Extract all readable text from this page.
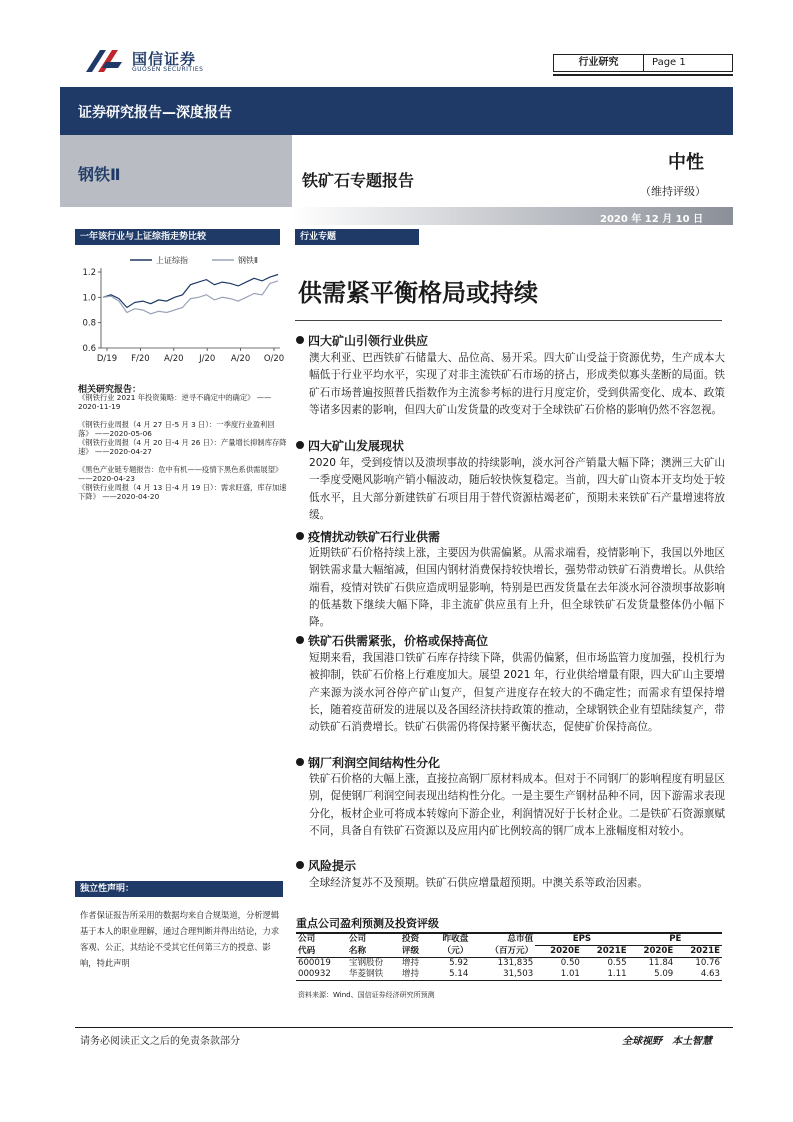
国信证券
GUOSEN SECURITIES
行业研究	Page 1
证券研究报告—深度报告
钢铁Ⅱ	铁矿石专题报告
中性
（维持评级）
2020 年 12 月 10 日
一年该行业与上证综指走势比较
0.6
0.8
1.0
1.2
D/19 F/20 A/20 J/20 A/20 O/20
上证综指	钢铁Ⅱ
相关研究报告：
《钢铁行业 2021 年投资策略：逆寻不确定中的确定》 ——2020-11-19
《钢铁行业周报（4 月 27 日-5 月 3 日）：一季度行业盈利回落》 ——2020-05-06
《钢铁行业周报（4 月 20 日-4 月 26 日）：产量增长抑制库存降速》 ——2020-04-27
《黑色产业链专题报告：危中有机——疫情下黑色系供需展望》 ——2020-04-23
《钢铁行业周报（4 月 13 日-4 月 19 日）：需求旺盛，库存加速下降》 ——2020-04-20
独立性声明：
作者保证报告所采用的数据均来自合规渠道，分析逻辑基于本人的职业理解，通过合理判断并得出结论，力求客观、公正，其结论不受其它任何第三方的授意、影响，特此声明
行业专题
供需紧平衡格局或持续
四大矿山引领行业供应
澳大利亚、巴西铁矿石储量大、品位高、易开采。四大矿山受益于资源优势，生产成本大幅低于行业平均水平，实现了对非主流铁矿石市场的挤占，形成类似寡头垄断的局面。铁矿石市场普遍按照普氏指数作为主流参考标的进行月度定价，受到供需变化、成本、政策等诸多因素的影响，但四大矿山发货量的改变对于全球铁矿石价格的影响仍然不容忽视。
四大矿山发展现状
2020 年，受到疫情以及溃坝事故的持续影响，淡水河谷产销量大幅下降；澳洲三大矿山一季度受飓风影响产销小幅波动，随后较快恢复稳定。当前，四大矿山资本开支均处于较低水平，且大部分新建铁矿石项目用于替代资源枯竭老矿，预期未来铁矿石产量增速将放缓。
疫情扰动铁矿石行业供需
近期铁矿石价格持续上涨，主要因为供需偏紧。从需求端看，疫情影响下，我国以外地区钢铁需求量大幅缩减，但国内钢材消费保持较快增长，强势带动铁矿石消费增长。从供给端看，疫情对铁矿石供应造成明显影响，特别是巴西发货量在去年淡水河谷溃坝事故影响的低基数下继续大幅下降，非主流矿供应虽有上升，但全球铁矿石发货量整体仍小幅下降。
铁矿石供需紧张，价格或保持高位
短期来看，我国港口铁矿石库存持续下降，供需仍偏紧，但市场监管力度加强，投机行为被抑制，铁矿石价格上行难度加大。展望 2021 年，行业供给增量有限，四大矿山主要增产来源为淡水河谷停产矿山复产，但复产进度存在较大的不确定性；而需求有望保持增长，随着疫苗研发的进展以及各国经济扶持政策的推动，全球钢铁企业有望陆续复产，带动铁矿石消费增长。铁矿石供需仍将保持紧平衡状态，促使矿价保持高位。
钢厂利润空间结构性分化
铁矿石价格的大幅上涨，直接拉高钢厂原材料成本。但对于不同钢厂的影响程度有明显区别，促使钢厂利润空间表现出结构性分化。一是主要生产钢材品种不同，因下游需求表现分化，板材企业可将成本转嫁向下游企业，利润情况好于长材企业。二是铁矿石资源禀赋不同，具备自有铁矿石资源以及应用内矿比例较高的钢厂成本上涨幅度相对较小。
风险提示
全球经济复苏不及预期。铁矿石供应增量超预期。中澳关系等政治因素。
重点公司盈利预测及投资评级
公司	公司	投资	昨收盘	总市值	EPS		PE	
代码	名称	评级	（元）	（百万元）	2020E	2021E	2020E	2021E
600019	宝钢股份	增持	5.92	131,835	0.50	0.55	11.84	10.76
000932	华菱钢铁	增持	5.14	31,503	1.01	1.11	5.09	4.63
资料来源：Wind、国信证券经济研究所预测
请务必阅读正文之后的免责条款部分	全球视野　本土智慧
